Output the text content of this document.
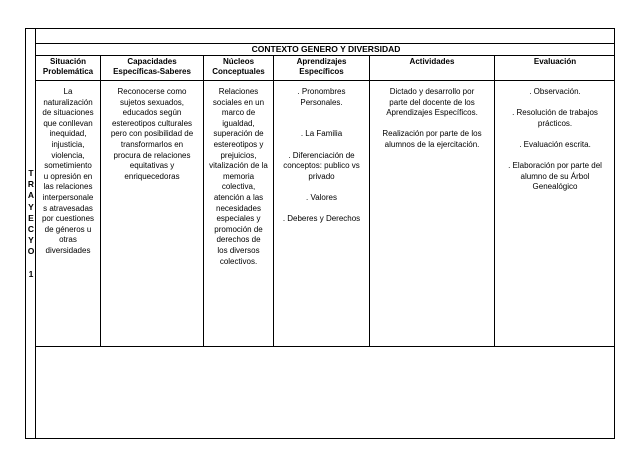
CONTEXTO GENERO Y DIVERSIDAD
T
R
A
Y
E
C
Y
O
1
Situación
Problemática
Capacidades
Específicas-Saberes
Núcleos
Conceptuales
Aprendizajes
Específicos
Actividades	Evaluación
La
naturalización
de situaciones
que conllevan
inequidad,
injusticia,
violencia,
sometimiento
u opresión en
las relaciones
interpersonale
s atravesadas
por cuestiones
de géneros u
otras
diversidades
Reconocerse como
sujetos sexuados,
educados según
estereotipos culturales
pero con posibilidad de
transformarlos en
procura de relaciones
equitativas y
enriquecedoras
Relaciones
sociales en un
marco de
igualdad,
superación de
estereotipos y
prejuicios,
vitalización de la
memoria
colectiva,
atención a las
necesidades
especiales y
promoción de
derechos de
los diversos
colectivos.
. Pronombres
Personales.

. La Familia

. Diferenciación de
conceptos: publico vs
privado

. Valores

. Deberes y Derechos
Dictado y desarrollo por
parte del docente de los
Aprendizajes Específicos.

Realización por parte de los
alumnos de la ejercitación.
. Observación.

. Resolución de trabajos
prácticos.

. Evaluación escrita.

. Elaboración por parte del
alumno de su Árbol
Genealógico
